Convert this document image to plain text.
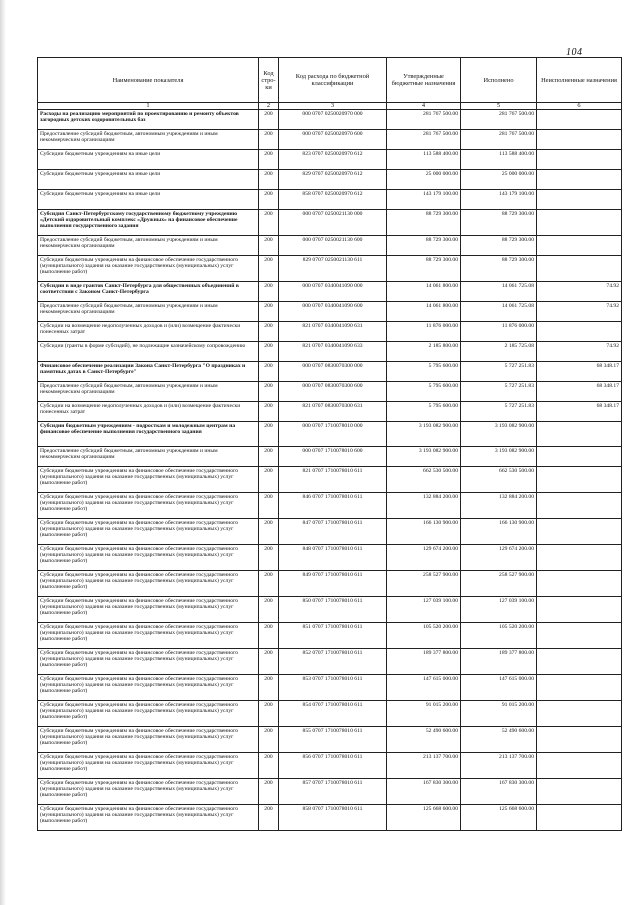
104
Наименование показателя	Код стро-ки	Код расхода по бюджетной классификации	Утвержденные бюджетные назначения	Исполнено	Неисполненные назначения
1	2	3	4	5	6
Расходы на реализацию мероприятий по проектированию и ремонту объектов загородных детских оздоровительных баз	200	000 0707 0250020970 000	281 767 500.00	281 767 500.00	
Предоставление субсидий бюджетным, автономным учреждениям и иным некоммерческим организациям	200	000 0707 0250020970 600	281 767 500.00	281 767 500.00	
Субсидии бюджетным учреждениям на иные цели	200	823 0707 0250020970 612	113 588 400.00	113 588 400.00	
Субсидии бюджетным учреждениям на иные цели	200	829 0707 0250020970 612	25 000 000.00	25 000 000.00	
Субсидии бюджетным учреждениям на иные цели	200	858 0707 0250020970 612	143 179 100.00	143 179 100.00	
Субсидия Санкт-Петербургскому государственному бюджетному учреждению «Детский оздоровительный комплекс «Дружных» на финансовое обеспечение выполнения государственного задания	200	000 0707 0250021130 000	88 729 300.00	88 729 300.00	
Предоставление субсидий бюджетным, автономным учреждениям и иным некоммерческим организациям	200	000 0707 0250021130 600	88 729 300.00	88 729 300.00	
Субсидии бюджетным учреждениям на финансовое обеспечение государственного (муниципального) задания на оказание государственных (муниципальных) услуг (выполнение работ)	200	829 0707 0250021130 611	88 729 300.00	88 729 300.00	
Субсидии в виде грантов Санкт-Петербурга для общественных объединений в соответствии с Законом Санкт-Петербурга	200	000 0707 0340041090 000	14 061 800.00	14 061 725.08	74.92
Предоставление субсидий бюджетным, автономным учреждениям и иным некоммерческим организациям	200	000 0707 0340041090 600	14 061 800.00	14 061 725.08	74.92
Субсидии на возмещение недополученных доходов и (или) возмещение фактически понесенных затрат	200	821 0707 0340041090 631	11 876 000.00	11 876 000.00	
Субсидии (гранты в форме субсидий), не подлежащие казначейскому сопровождению	200	821 0707 0340041090 633	2 185 800.00	2 185 725.08	74.92
Финансовое обеспечение реализации Закона Санкт-Петербурга "О праздниках и памятных датах в Санкт-Петербурге"	200	000 0707 0830070300 000	5 795 600.00	5 727 251.83	68 348.17
Предоставление субсидий бюджетным, автономным учреждениям и иным некоммерческим организациям	200	000 0707 0830070300 600	5 795 600.00	5 727 251.83	68 348.17
Субсидии на возмещение недополученных доходов и (или) возмещение фактически понесенных затрат	200	821 0707 0830070300 631	5 795 600.00	5 727 251.83	68 348.17
Субсидии бюджетным учреждениям - подросткам и молодежным центрам на финансовое обеспечение выполнения государственного задания	200	000 0707 1710078010 000	3 193 082 900.00	3 193 082 900.00	
Предоставление субсидий бюджетным, автономным учреждениям и иным некоммерческим организациям	200	000 0707 1710078010 600	3 193 082 900.00	3 193 082 900.00	
Субсидии бюджетным учреждениям на финансовое обеспечение государственного (муниципального) задания на оказание государственных (муниципальных) услуг (выполнение работ)	200	821 0707 1710078010 611	662 530 500.00	662 530 500.00	
Субсидии бюджетным учреждениям на финансовое обеспечение государственного (муниципального) задания на оказание государственных (муниципальных) услуг (выполнение работ)	200	846 0707 1710078010 611	132 884 200.00	132 884 200.00	
Субсидии бюджетным учреждениям на финансовое обеспечение государственного (муниципального) задания на оказание государственных (муниципальных) услуг (выполнение работ)	200	847 0707 1710078010 611	166 130 900.00	166 130 900.00	
Субсидии бюджетным учреждениям на финансовое обеспечение государственного (муниципального) задания на оказание государственных (муниципальных) услуг (выполнение работ)	200	848 0707 1710078010 611	129 674 200.00	129 674 200.00	
Субсидии бюджетным учреждениям на финансовое обеспечение государственного (муниципального) задания на оказание государственных (муниципальных) услуг (выполнение работ)	200	849 0707 1710078010 611	258 527 900.00	258 527 900.00	
Субсидии бюджетным учреждениям на финансовое обеспечение государственного (муниципального) задания на оказание государственных (муниципальных) услуг (выполнение работ)	200	850 0707 1710078010 611	127 039 100.00	127 039 100.00	
Субсидии бюджетным учреждениям на финансовое обеспечение государственного (муниципального) задания на оказание государственных (муниципальных) услуг (выполнение работ)	200	851 0707 1710078010 611	105 520 200.00	105 520 200.00	
Субсидии бюджетным учреждениям на финансовое обеспечение государственного (муниципального) задания на оказание государственных (муниципальных) услуг (выполнение работ)	200	852 0707 1710078010 611	189 377 800.00	189 377 800.00	
Субсидии бюджетным учреждениям на финансовое обеспечение государственного (муниципального) задания на оказание государственных (муниципальных) услуг (выполнение работ)	200	853 0707 1710078010 611	147 615 000.00	147 615 000.00	
Субсидии бюджетным учреждениям на финансовое обеспечение государственного (муниципального) задания на оказание государственных (муниципальных) услуг (выполнение работ)	200	854 0707 1710078010 611	91 015 200.00	91 015 200.00	
Субсидии бюджетным учреждениям на финансовое обеспечение государственного (муниципального) задания на оказание государственных (муниципальных) услуг (выполнение работ)	200	855 0707 1710078010 611	52 490 600.00	52 490 600.00	
Субсидии бюджетным учреждениям на финансовое обеспечение государственного (муниципального) задания на оказание государственных (муниципальных) услуг (выполнение работ)	200	856 0707 1710078010 611	213 137 700.00	213 137 700.00	
Субсидии бюджетным учреждениям на финансовое обеспечение государственного (муниципального) задания на оказание государственных (муниципальных) услуг (выполнение работ)	200	857 0707 1710078010 611	167 830 300.00	167 830 300.00	
Субсидии бюджетным учреждениям на финансовое обеспечение государственного (муниципального) задания на оказание государственных (муниципальных) услуг (выполнение работ)	200	858 0707 1710078010 611	125 668 600.00	125 668 600.00	
